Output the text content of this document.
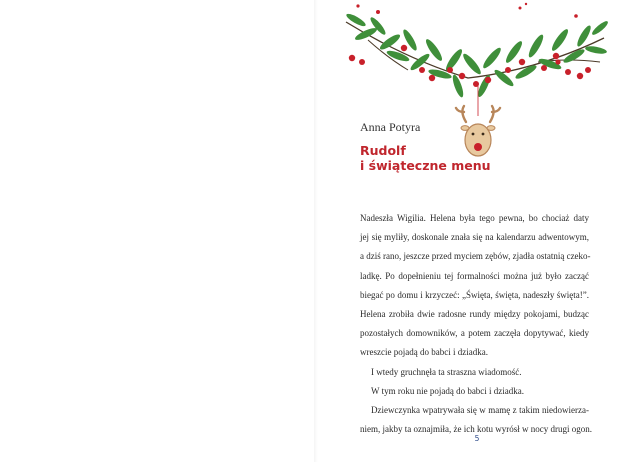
Anna Potyra
Rudolf
i świąteczne menu
Nadeszła Wigilia. Helena była tego pewna, bo chociaż daty
jej się myliły, doskonale znała się na kalendarzu adwentowym,
a dziś rano, jeszcze przed myciem zębów, zjadła ostatnią czeko-
ladkę. Po dopełnieniu tej formalności można już było zacząć
biegać po domu i krzyczeć: „Święta, święta, nadeszły święta!”.
Helena zrobiła dwie radosne rundy między pokojami, budząc
pozostałych domowników, a potem zaczęła dopytywać, kiedy
wreszcie pojadą do babci i dziadka.
I wtedy gruchnęła ta straszna wiadomość.
W tym roku nie pojadą do babci i dziadka.
Dziewczynka wpatrywała się w mamę z takim niedowierza-
niem, jakby ta oznajmiła, że ich kotu wyrósł w nocy drugi ogon.
5
